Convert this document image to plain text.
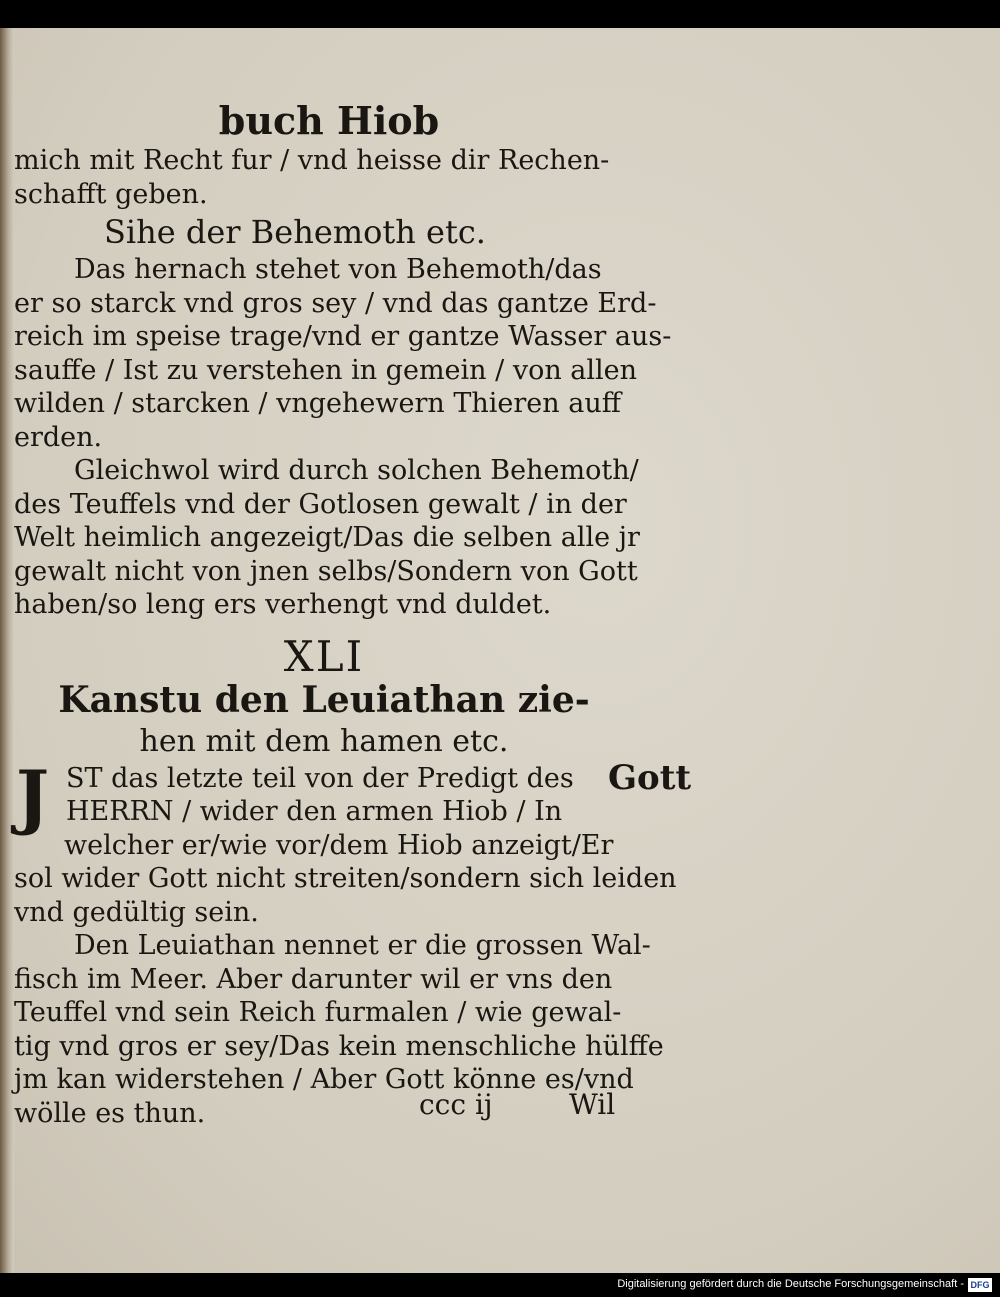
buch Hiob
mich mit Recht fur / vnd heisse dir Rechen-
schafft geben.
Sihe der Behemoth etc.
Das hernach stehet von Behemoth/das
er so starck vnd gros sey / vnd das gantze Erd-
reich im speise trage/vnd er gantze Wasser aus-
sauffe / Ist zu verstehen in gemein / von allen
wilden / starcken / vngehewern Thieren auff
erden.
Gleichwol wird durch solchen Behemoth/
des Teuffels vnd der Gotlosen gewalt / in der
Welt heimlich angezeigt/Das die selben alle jr
gewalt nicht von jnen selbs/Sondern von Gott
haben/so leng ers verhengt vnd duldet.
XLI
Kanstu den Leuiathan zie-
hen mit dem hamen etc.
J ST das letzte teil von der Predigt des
HERRN / wider den armen Hiob / In
welcher er/wie vor/dem Hiob anzeigt/Er
sol wider Gott nicht streiten/sondern sich leiden
vnd gedültig sein.
Den Leuiathan nennet er die grossen Wal-
fisch im Meer. Aber darunter wil er vns den
Teuffel vnd sein Reich furmalen / wie gewal-
tig vnd gros er sey/Das kein menschliche hülffe
jm kan widerstehen / Aber Gott könne es/vnd
wölle es thun.
Gott
ccc ij	Wil
Digitalisierung gefördert durch die Deutsche Forschungsgemeinschaft - DFG
